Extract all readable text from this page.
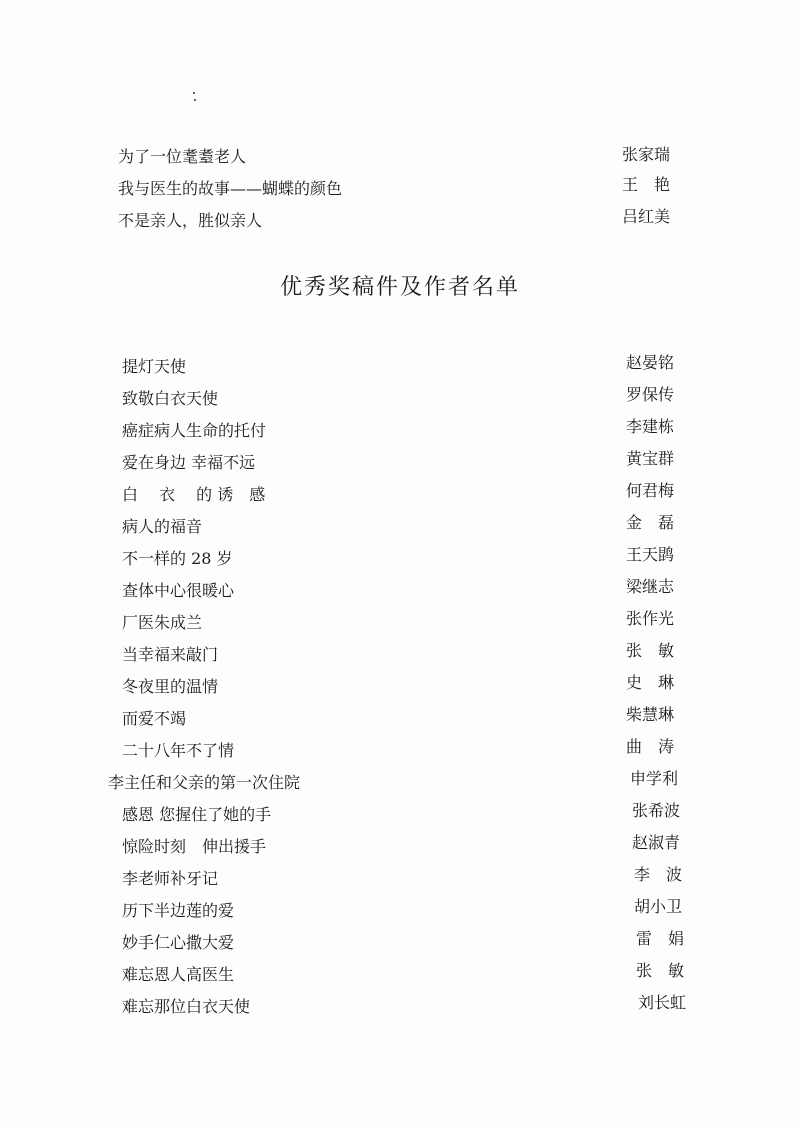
为了一位耄耋老人	张家瑞
我与医生的故事——蝴蝶的颜色	王　艳
不是亲人，胜似亲人	吕红美
优秀奖稿件及作者名单
提灯天使	赵晏铭
致敬白衣天使	罗保传
癌症病人生命的托付	李建栋
爱在身边 幸福不远	黄宝群
白　 衣　 的 诱　感	何君梅
病人的福音	金　磊
不一样的 28 岁	王天鹍
查体中心很暖心	梁继志
厂医朱成兰	张作光
当幸福来敲门	张　敏
冬夜里的温情	史　琳
而爱不竭	柴慧琳
二十八年不了情	曲　涛
李主任和父亲的第一次住院	申学利
感恩 您握住了她的手	张希波
惊险时刻　伸出援手	赵淑青
李老师补牙记	李　波
历下半边莲的爱	胡小卫
妙手仁心撒大爱	雷　娟
难忘恩人高医生	张　敏
难忘那位白衣天使	刘长虹
